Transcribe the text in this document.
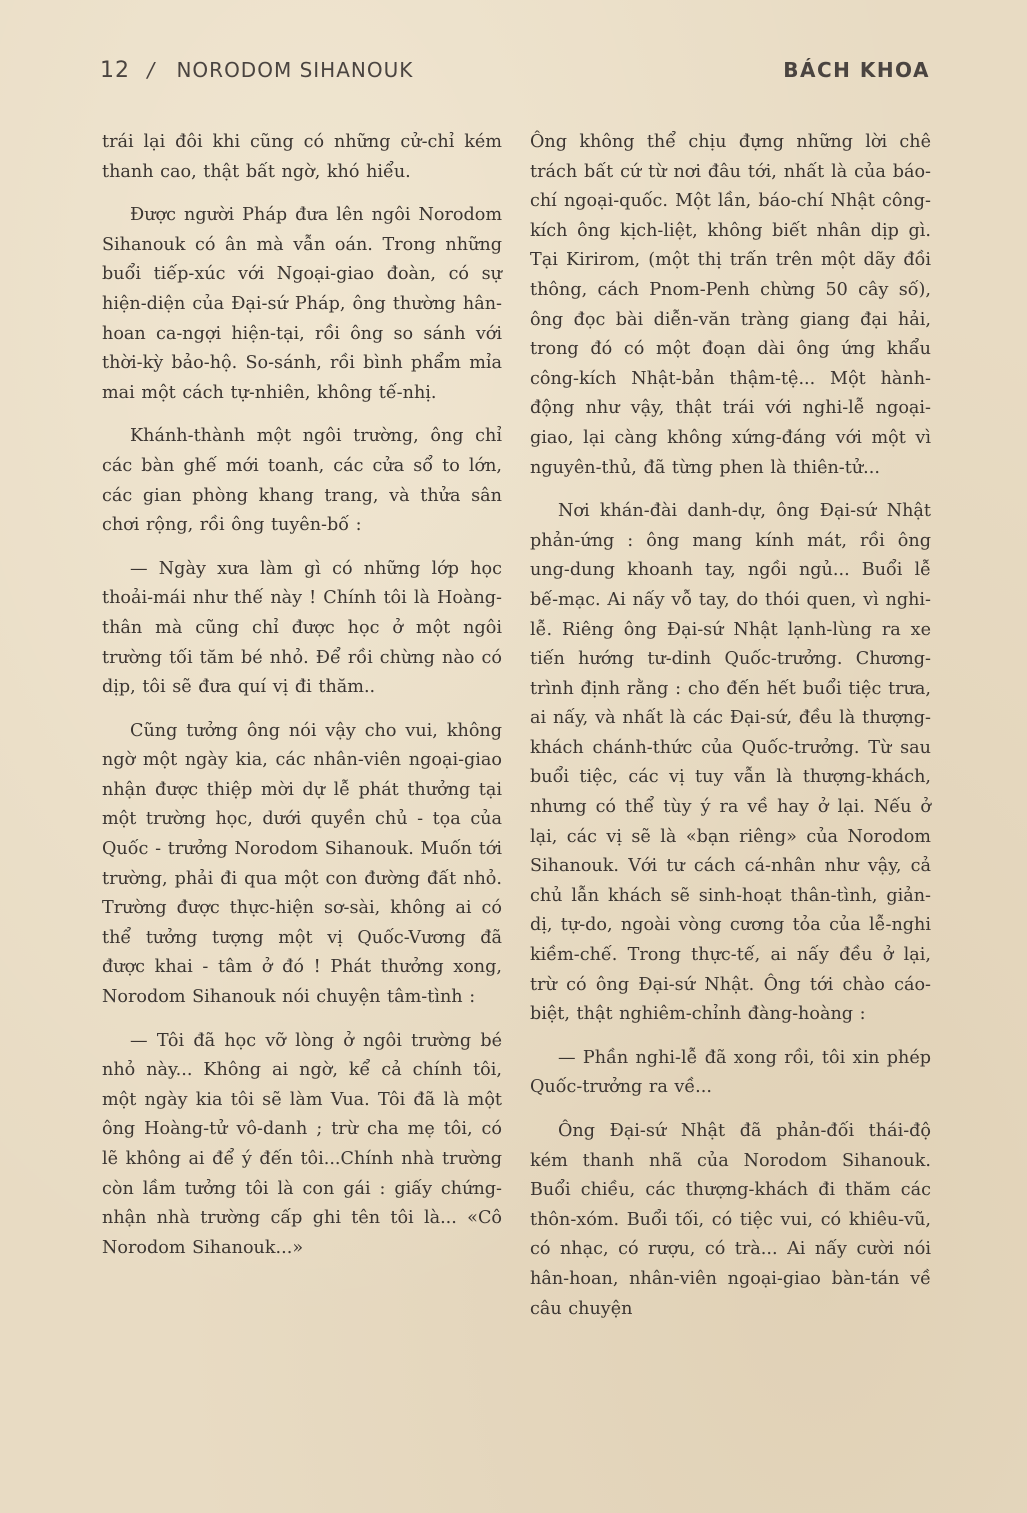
12 / NORODOM SIHANOUK	BÁCH KHOA

trái lại đôi khi cũng có những cử-chỉ kém thanh cao, thật bất ngờ, khó hiểu.

Được người Pháp đưa lên ngôi Norodom Sihanouk có ân mà vẫn oán. Trong những buổi tiếp-xúc với Ngoại-giao đoàn, có sự hiện-diện của Đại-sứ Pháp, ông thường hân-hoan ca-ngợi hiện-tại, rồi ông so sánh với thời-kỳ bảo-hộ. So-sánh, rồi bình phẩm mỉa mai một cách tự-nhiên, không tế-nhị.

Khánh-thành một ngôi trường, ông chỉ các bàn ghế mới toanh, các cửa sổ to lớn, các gian phòng khang trang, và thửa sân chơi rộng, rồi ông tuyên-bố :

— Ngày xưa làm gì có những lớp học thoải-mái như thế này ! Chính tôi là Hoàng-thân mà cũng chỉ được học ở một ngôi trường tối tăm bé nhỏ. Để rồi chừng nào có dịp, tôi sẽ đưa quí vị đi thăm..

Cũng tưởng ông nói vậy cho vui, không ngờ một ngày kia, các nhân-viên ngoại-giao nhận được thiệp mời dự lễ phát thưởng tại một trường học, dưới quyền chủ - tọa của Quốc - trưởng Norodom Sihanouk. Muốn tới trường, phải đi qua một con đường đất nhỏ. Trường được thực-hiện sơ-sài, không ai có thể tưởng tượng một vị Quốc-Vương đã được khai - tâm ở đó ! Phát thưởng xong, Norodom Sihanouk nói chuyện tâm-tình :

— Tôi đã học vỡ lòng ở ngôi trường bé nhỏ này... Không ai ngờ, kể cả chính tôi, một ngày kia tôi sẽ làm Vua. Tôi đã là một ông Hoàng-tử vô-danh ; trừ cha mẹ tôi, có lẽ không ai để ý đến tôi...Chính nhà trường còn lầm tưởng tôi là con gái : giấy chứng-nhận nhà trường cấp ghi tên tôi là... «Cô Norodom Sihanouk...»

Ông không thể chịu đựng những lời chê trách bất cứ từ nơi đâu tới, nhất là của báo-chí ngoại-quốc. Một lần, báo-chí Nhật công-kích ông kịch-liệt, không biết nhân dịp gì. Tại Kirirom, (một thị trấn trên một dãy đồi thông, cách Pnom-Penh chừng 50 cây số), ông đọc bài diễn-văn tràng giang đại hải, trong đó có một đoạn dài ông ứng khẩu công-kích Nhật-bản thậm-tệ... Một hành-động như vậy, thật trái với nghi-lễ ngoại-giao, lại càng không xứng-đáng với một vì nguyên-thủ, đã từng phen là thiên-tử...

Nơi khán-đài danh-dự, ông Đại-sứ Nhật phản-ứng : ông mang kính mát, rồi ông ung-dung khoanh tay, ngồi ngủ... Buổi lễ bế-mạc. Ai nấy vỗ tay, do thói quen, vì nghi-lễ. Riêng ông Đại-sứ Nhật lạnh-lùng ra xe tiến hướng tư-dinh Quốc-trưởng. Chương-trình định rằng : cho đến hết buổi tiệc trưa, ai nấy, và nhất là các Đại-sứ, đều là thượng-khách chánh-thức của Quốc-trưởng. Từ sau buổi tiệc, các vị tuy vẫn là thượng-khách, nhưng có thể tùy ý ra về hay ở lại. Nếu ở lại, các vị sẽ là «bạn riêng» của Norodom Sihanouk. Với tư cách cá-nhân như vậy, cả chủ lẫn khách sẽ sinh-hoạt thân-tình, giản-dị, tự-do, ngoài vòng cương tỏa của lễ-nghi kiềm-chế. Trong thực-tế, ai nấy đều ở lại, trừ có ông Đại-sứ Nhật. Ông tới chào cáo-biệt, thật nghiêm-chỉnh đàng-hoàng :

— Phần nghi-lễ đã xong rồi, tôi xin phép Quốc-trưởng ra về...

Ông Đại-sứ Nhật đã phản-đối thái-độ kém thanh nhã của Norodom Sihanouk. Buổi chiều, các thượng-khách đi thăm các thôn-xóm. Buổi tối, có tiệc vui, có khiêu-vũ, có nhạc, có rượu, có trà... Ai nấy cười nói hân-hoan, nhân-viên ngoại-giao bàn-tán về câu chuyện
